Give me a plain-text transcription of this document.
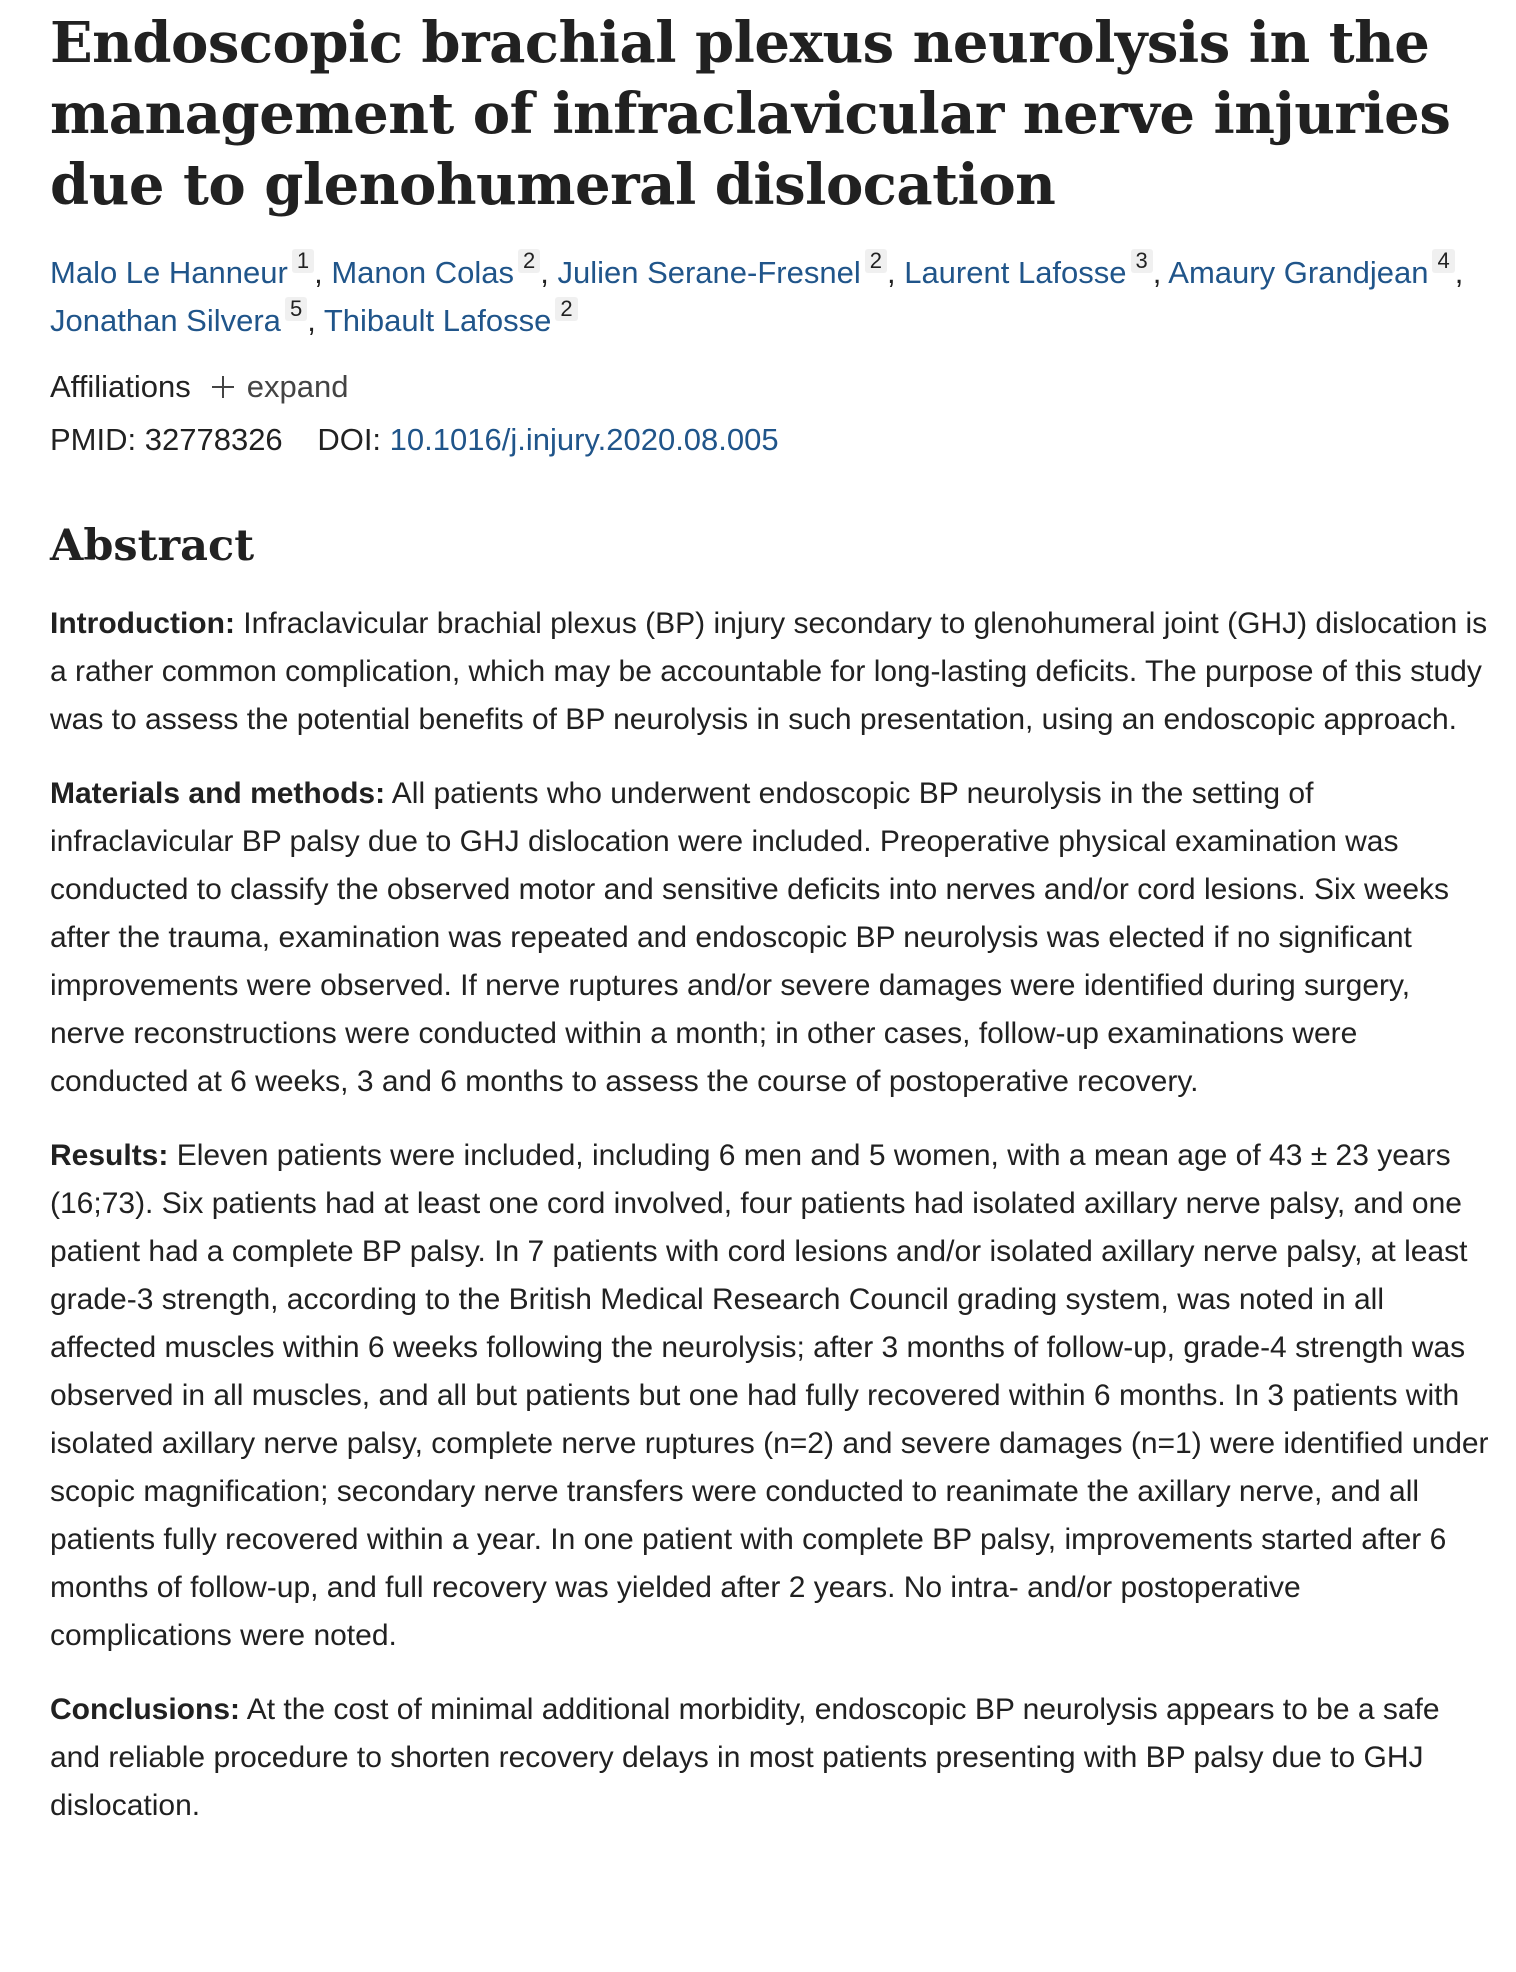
Endoscopic brachial plexus neurolysis in the management of infraclavicular nerve injuries due to glenohumeral dislocation
Malo Le Hanneur 1 , Manon Colas 2 , Julien Serane-Fresnel 2 , Laurent Lafosse 3 , Amaury Grandjean 4 , Jonathan Silvera 5 , Thibault Lafosse 2
Affiliations expand
PMID: 32778326 DOI: 10.1016/j.injury.2020.08.005
Abstract

Introduction: Infraclavicular brachial plexus (BP) injury secondary to glenohumeral joint (GHJ) dislocation is a rather common complication, which may be accountable for long-lasting deficits. The purpose of this study was to assess the potential benefits of BP neurolysis in such presentation, using an endoscopic approach.

Materials and methods: All patients who underwent endoscopic BP neurolysis in the setting of infraclavicular BP palsy due to GHJ dislocation were included. Preoperative physical examination was conducted to classify the observed motor and sensitive deficits into nerves and/or cord lesions. Six weeks after the trauma, examination was repeated and endoscopic BP neurolysis was elected if no significant improvements were observed. If nerve ruptures and/or severe damages were identified during surgery, nerve reconstructions were conducted within a month; in other cases, follow-up examinations were conducted at 6 weeks, 3 and 6 months to assess the course of postoperative recovery.

Results: Eleven patients were included, including 6 men and 5 women, with a mean age of 43 ± 23 years (16;73). Six patients had at least one cord involved, four patients had isolated axillary nerve palsy, and one patient had a complete BP palsy. In 7 patients with cord lesions and/or isolated axillary nerve palsy, at least grade-3 strength, according to the British Medical Research Council grading system, was noted in all affected muscles within 6 weeks following the neurolysis; after 3 months of follow-up, grade-4 strength was observed in all muscles, and all but patients but one had fully recovered within 6 months. In 3 patients with isolated axillary nerve palsy, complete nerve ruptures (n=2) and severe damages (n=1) were identified under scopic magnification; secondary nerve transfers were conducted to reanimate the axillary nerve, and all patients fully recovered within a year. In one patient with complete BP palsy, improvements started after 6 months of follow-up, and full recovery was yielded after 2 years. No intra- and/or postoperative complications were noted.

Conclusions: At the cost of minimal additional morbidity, endoscopic BP neurolysis appears to be a safe and reliable procedure to shorten recovery delays in most patients presenting with BP palsy due to GHJ dislocation.
